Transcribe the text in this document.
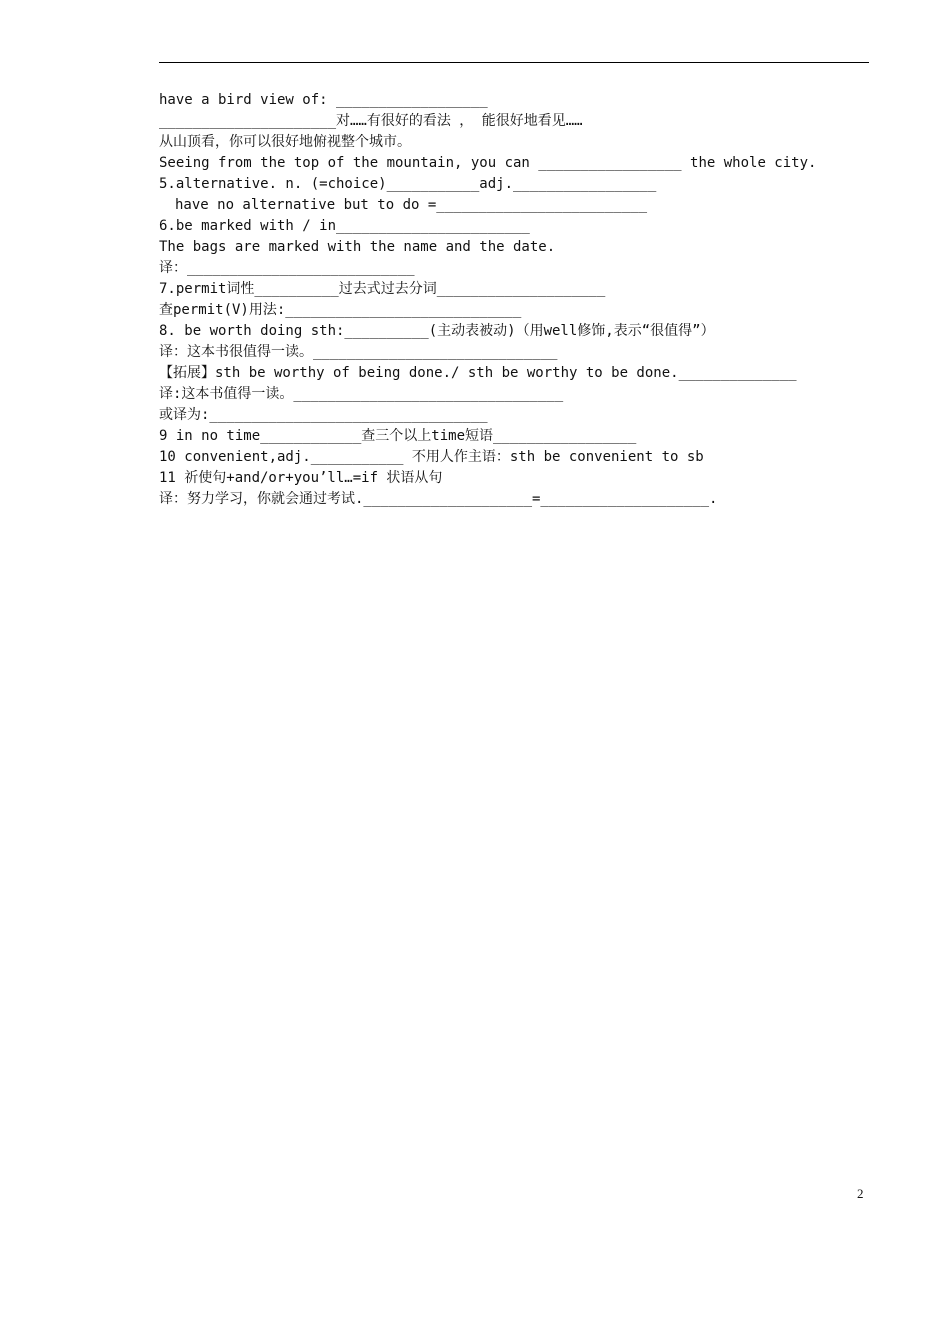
have a bird view of: __________________
_____________________对……有很好的看法 ， 能很好地看见……
从山顶看，你可以很好地俯视整个城市。
Seeing from the top of the mountain, you can _________________ the whole city.
5.alternative. n. (=choice)___________adj._________________
have no alternative but to do =_________________________
6.be marked with / in_______________________
The bags are marked with the name and the date.
译：___________________________
7.permit词性__________过去式过去分词____________________
查permit(V)用法:____________________________
8. be worth doing sth:__________(主动表被动)（用well修饰,表示“很值得”）
译：这本书很值得一读。_____________________________
【拓展】sth be worthy of being done./ sth be worthy to be done.______________
译:这本书值得一读。________________________________
或译为:_________________________________
9 in no time____________查三个以上time短语_________________
10 convenient,adj.___________ 不用人作主语：sth be convenient to sb
11 祈使句+and/or+you’ll…=if 状语从句
译：努力学习，你就会通过考试.____________________=____________________.
2
